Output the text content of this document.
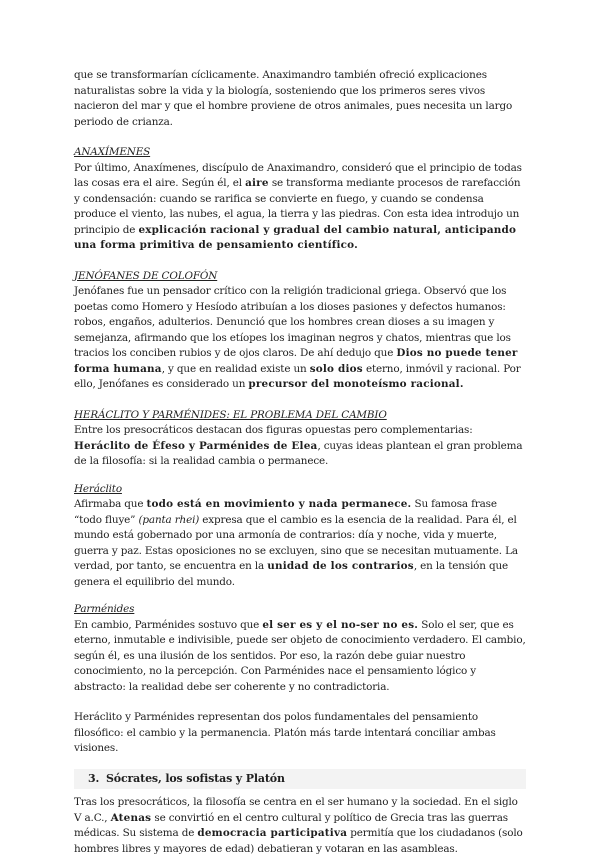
que se transformarían cíclicamente. Anaximandro también ofreció explicaciones naturalistas sobre la vida y la biología, sosteniendo que los primeros seres vivos nacieron del mar y que el hombre proviene de otros animales, pues necesita un largo periodo de crianza.

ANAXÍMENES

Por último, Anaxímenes, discípulo de Anaximandro, consideró que el principio de todas las cosas era el aire. Según él, el aire se transforma mediante procesos de rarefacción y condensación: cuando se rarifica se convierte en fuego, y cuando se condensa produce el viento, las nubes, el agua, la tierra y las piedras. Con esta idea introdujo un principio de explicación racional y gradual del cambio natural, anticipando una forma primitiva de pensamiento científico.

JENÓFANES DE COLOFÓN

Jenófanes fue un pensador crítico con la religión tradicional griega. Observó que los poetas como Homero y Hesíodo atribuían a los dioses pasiones y defectos humanos: robos, engaños, adulterios. Denunció que los hombres crean dioses a su imagen y semejanza, afirmando que los etíopes los imaginan negros y chatos, mientras que los tracios los conciben rubios y de ojos claros. De ahí dedujo que Dios no puede tener forma humana, y que en realidad existe un solo dios eterno, inmóvil y racional. Por ello, Jenófanes es considerado un precursor del monoteísmo racional.

HERÁCLITO Y PARMÉNIDES: EL PROBLEMA DEL CAMBIO

Entre los presocráticos destacan dos figuras opuestas pero complementarias: Heráclito de Éfeso y Parménides de Elea, cuyas ideas plantean el gran problema de la filosofía: si la realidad cambia o permanece.

Heráclito

Afirmaba que todo está en movimiento y nada permanece. Su famosa frase “todo fluye” (panta rhei) expresa que el cambio es la esencia de la realidad. Para él, el mundo está gobernado por una armonía de contrarios: día y noche, vida y muerte, guerra y paz. Estas oposiciones no se excluyen, sino que se necesitan mutuamente. La verdad, por tanto, se encuentra en la unidad de los contrarios, en la tensión que genera el equilibrio del mundo.

Parménides

En cambio, Parménides sostuvo que el ser es y el no-ser no es. Solo el ser, que es eterno, inmutable e indivisible, puede ser objeto de conocimiento verdadero. El cambio, según él, es una ilusión de los sentidos. Por eso, la razón debe guiar nuestro conocimiento, no la percepción. Con Parménides nace el pensamiento lógico y abstracto: la realidad debe ser coherente y no contradictoria.

Heráclito y Parménides representan dos polos fundamentales del pensamiento filosófico: el cambio y la permanencia. Platón más tarde intentará conciliar ambas visiones.

3. Sócrates, los sofistas y Platón

Tras los presocráticos, la filosofía se centra en el ser humano y la sociedad. En el siglo V a.C., Atenas se convirtió en el centro cultural y político de Grecia tras las guerras médicas. Su sistema de democracia participativa permitía que los ciudadanos (solo hombres libres y mayores de edad) debatieran y votaran en las asambleas.
